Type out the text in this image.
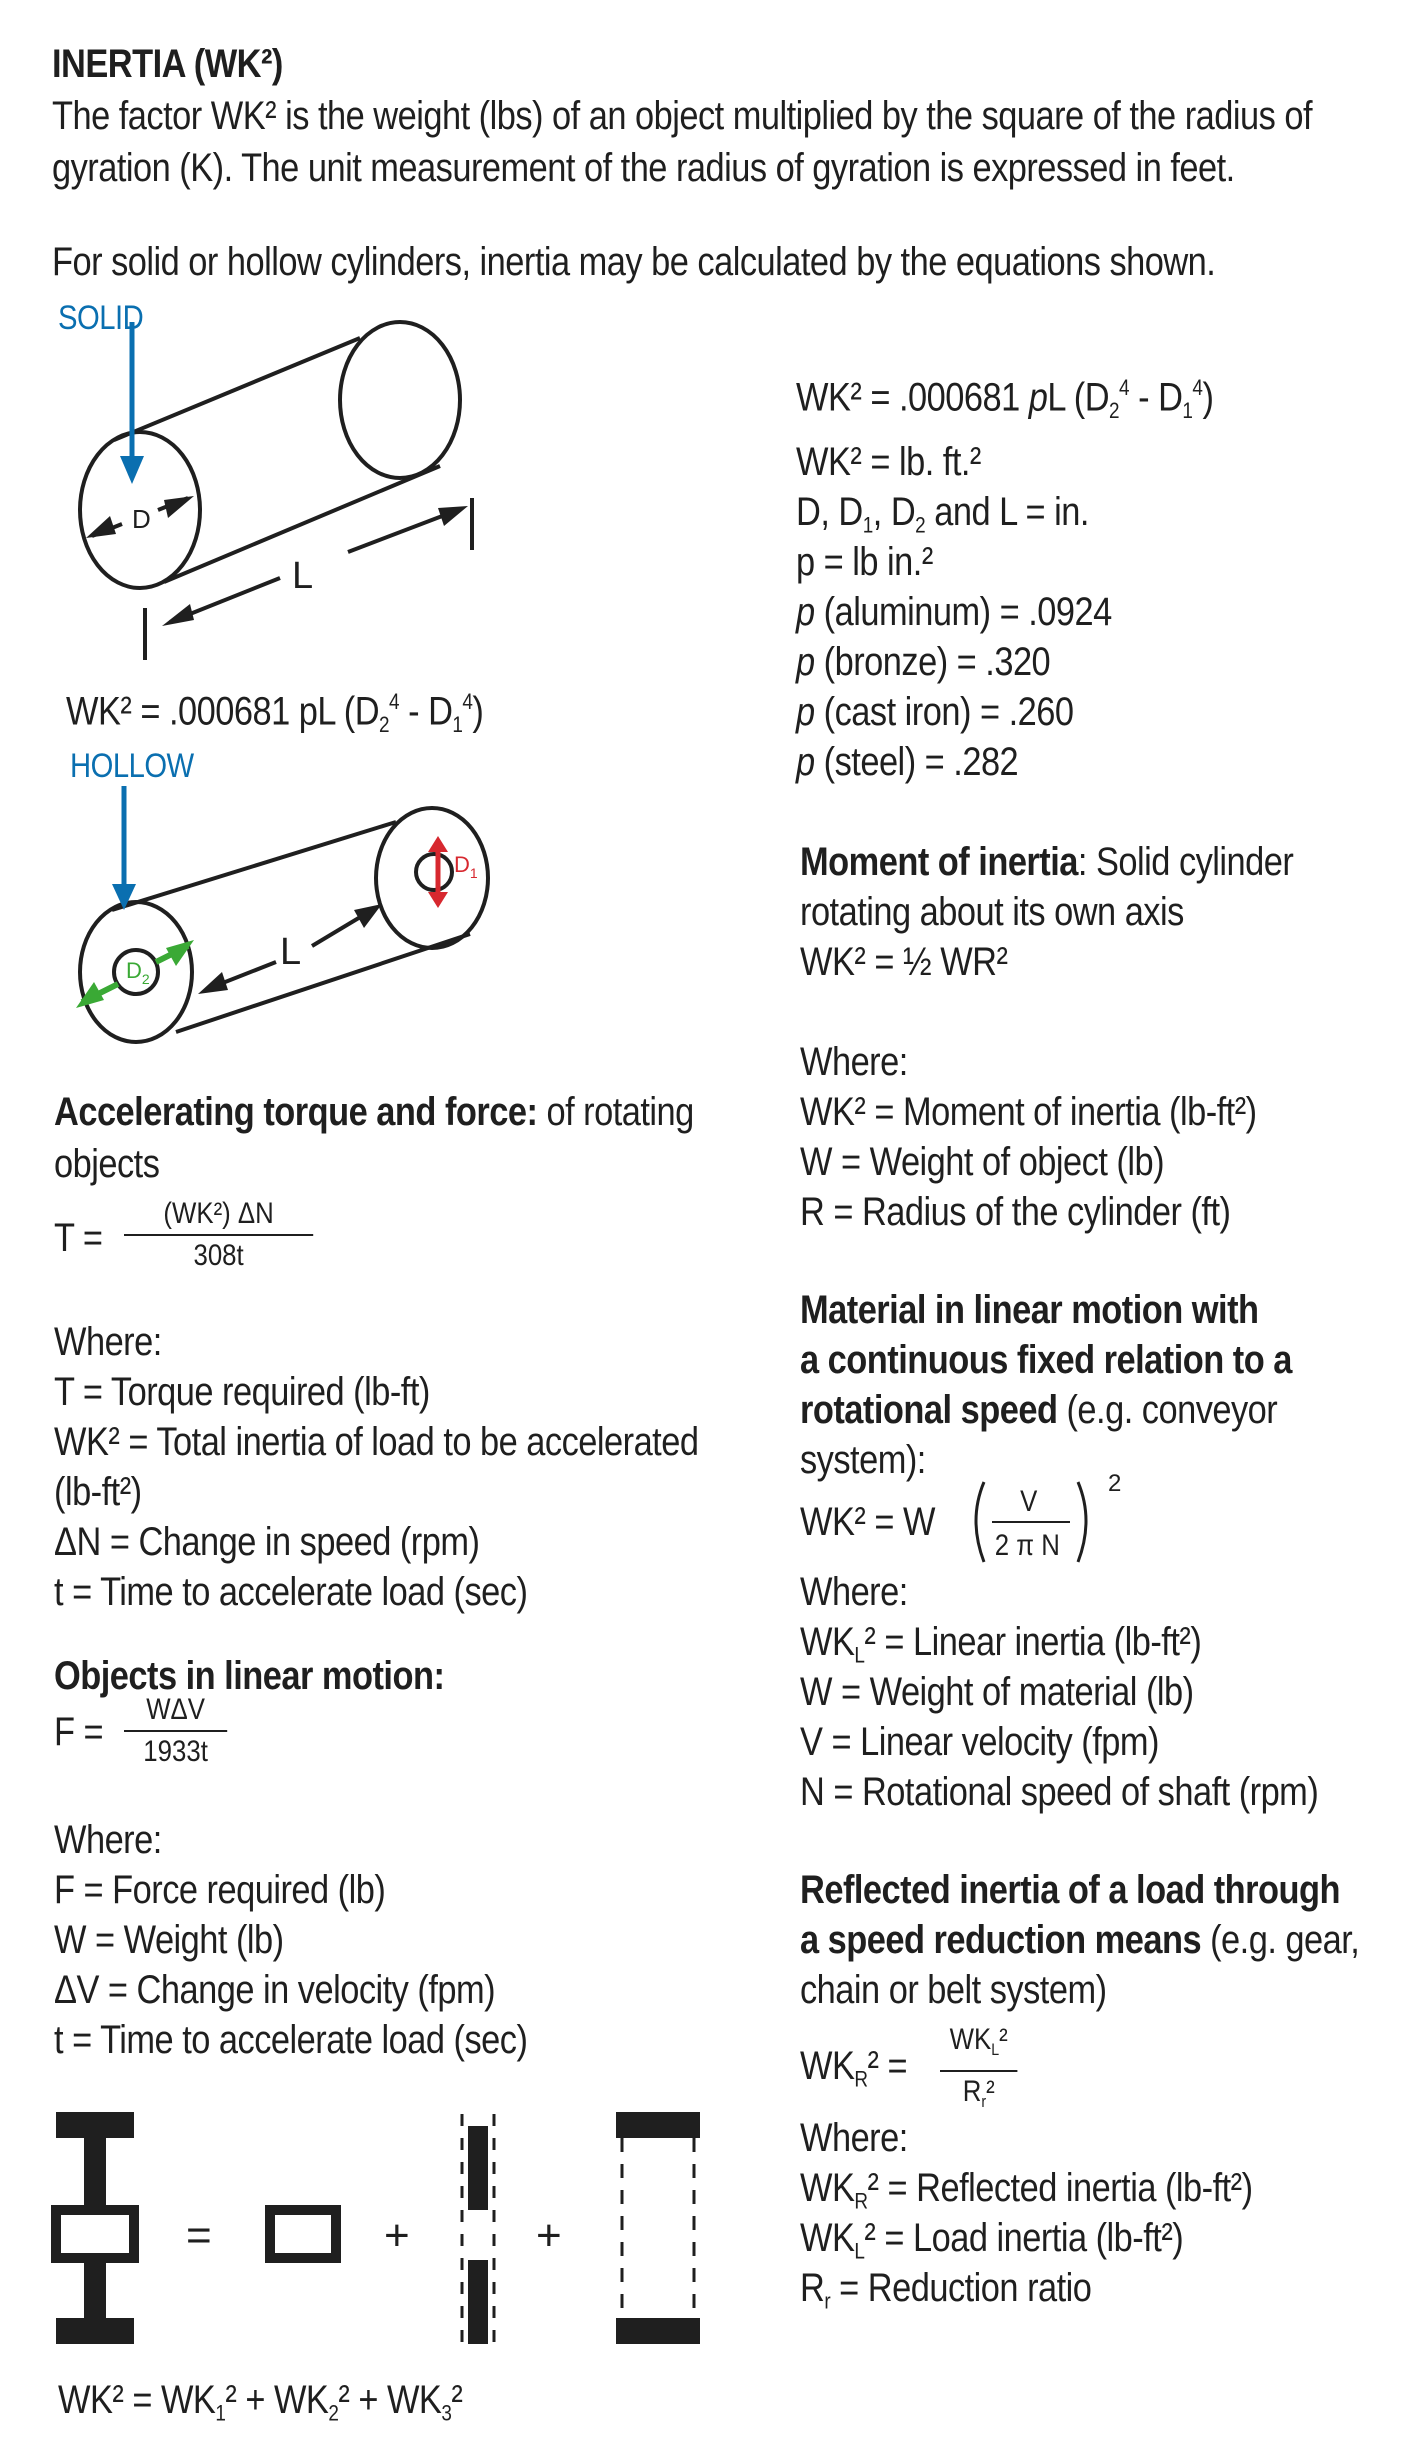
INERTIA (WK²)
The factor WK² is the weight (lbs) of an object multiplied by the square of the radius of gyration (K). The unit measurement of the radius of gyration is expressed in feet.
For solid or hollow cylinders, inertia may be calculated by the equations shown.
D
L
SOLID
WK² = .000681 pL $(D_2^4 - D_1^4)$
HOLLOW
L
$D_2$
$D_1$
Accelerating torque and force: of rotating
objects
T =
(WK²) ΔN
308t
Where:
T = Torque required (lb-ft)
WK² = Total inertia of load to be accelerated
(lb-ft²)
ΔN = Change in speed (rpm)
t = Time to accelerate load (sec)
Objects in linear motion:
F =
WΔV
1933t
Where:
F = Force required (lb)
W = Weight (lb)
ΔV = Change in velocity (fpm)
t = Time to accelerate load (sec)
=	+	+
$WK^2 = WK_1^2 + WK_2^2 + WK_3^2$
WK² = .000681 pL $(D_2^4 - D_1^4)$
WK² = lb. ft.²
D, $D_1$, $D_2$ and L = in.
p = lb in.²
p (aluminum) = .0924
p (bronze) = .320
p (cast iron) = .260
p (steel) = .282
Moment of inertia: Solid cylinder
rotating about its own axis
WK² = ½ WR²
Where:
WK² = Moment of inertia (lb-ft²)
W = Weight of object (lb)
R = Radius of the cylinder (ft)
Material in linear motion with
a continuous fixed relation to a
rotational speed (e.g. conveyor
system):
WK² = W	V
2 π N
2
Where:
$WK_L^2$ = Linear inertia (lb-ft²)
W = Weight of material (lb)
V = Linear velocity (fpm)
N = Rotational speed of shaft (rpm)
Reflected inertia of a load through
a speed reduction means (e.g. gear,
chain or belt system)
$WK_R^2$ =
$WK_L^2$
$R_r^2$
Where:
$WK_R^2$ = Reflected inertia (lb-ft²)
$WK_L^2$ = Load inertia (lb-ft²)
$R_r$ = Reduction ratio
